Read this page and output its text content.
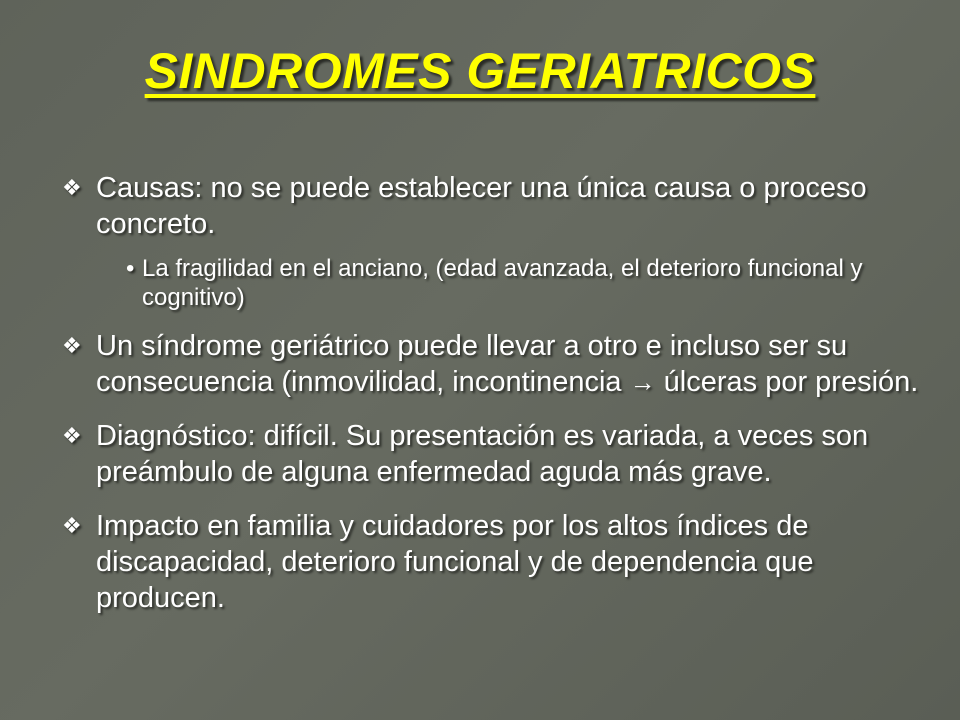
SINDROMES GERIATRICOS
❖ Causas: no se puede establecer una única causa o proceso concreto.
• La fragilidad en el anciano, (edad avanzada, el deterioro funcional y cognitivo)
❖ Un síndrome geriátrico puede llevar a otro e incluso ser su consecuencia (inmovilidad, incontinencia → úlceras por presión.
❖ Diagnóstico: difícil. Su presentación es variada, a veces son preámbulo de alguna enfermedad aguda más grave.
❖ Impacto en familia y cuidadores por los altos índices de discapacidad, deterioro funcional y de dependencia que producen.
